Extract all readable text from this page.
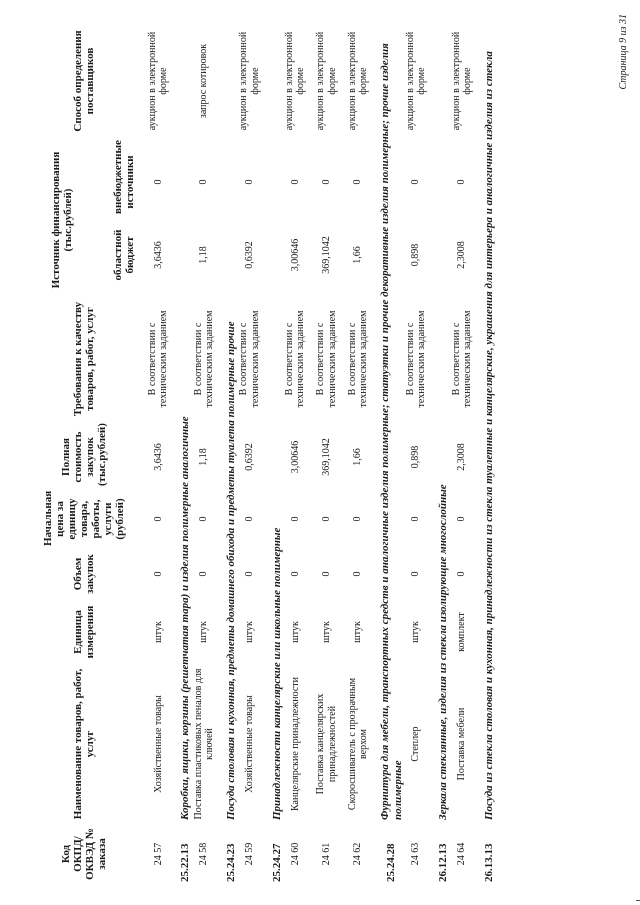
Код ОКПД/ ОКВЭД № заказа	Наименование товаров, работ, услуг	Единица измерения	Объем закупок	Начальная цена за единицу товара, работы, услуги (рублей)	Полная стоимость закупок (тыс.рублей)	Требования к качеству товаров, работ, услуг	Источник финансирования (тыс.рублей)		Способ определения поставщиков
							областной бюджет	внебюджетные источники	
24 57	Хозяйственные товары	штук	0	0	3,6436	В соответствии с техническим заданием	3,6436	0	аукцион в электронной форме
25.22.13	Коробки, ящики, корзины (решетчатая тара) и изделия полимерные аналогичные								
24 58	Поставка пластиковых пеналов для ключей	штук	0	0	1,18	В соответствии с техническим заданием	1,18	0	запрос котировок
25.24.23	Посуда столовая и кухонная, предметы домашнего обихода и предметы туалета полимерные прочие								
24 59	Хозяйственные товары	штук	0	0	0,6392	В соответствии с техническим заданием	0,6392	0	аукцион в электронной форме
25.24.27	Принадлежности канцелярские или школьные полимерные								
24 60	Канцелярские принадлежности	штук	0	0	3,00646	В соответствии с техническим заданием	3,00646	0	аукцион в электронной форме
24 61	Поставка канцелярских принадлежностей	штук	0	0	369,1042	В соответствии с техническим заданием	369,1042	0	аукцион в электронной форме
24 62	Скоросшиватель с прозрачным верхом	штук	0	0	1,66	В соответствии с техническим заданием	1,66	0	аукцион в электронной форме
25.24.28	Фурнитура для мебели, транспортных средств и аналогичные изделия полимерные; статуэтки и прочие декоративные изделия полимерные; прочие изделия полимерные								
24 63	Степлер	штук	0	0	0,898	В соответствии с техническим заданием	0,898	0	аукцион в электронной форме
26.12.13	Зеркала стеклянные, изделия из стекла изолирующие многослойные								
24 64	Поставка мебели	комплект	0	0	2,3008	В соответствии с техническим заданием	2,3008	0	аукцион в электронной форме
26.13.13	Посуда из стекла столовая и кухонная, принадлежности из стекла туалетные и канцелярские, украшения для интерьера и аналогичные изделия из стекла									Страница 9 из 31
